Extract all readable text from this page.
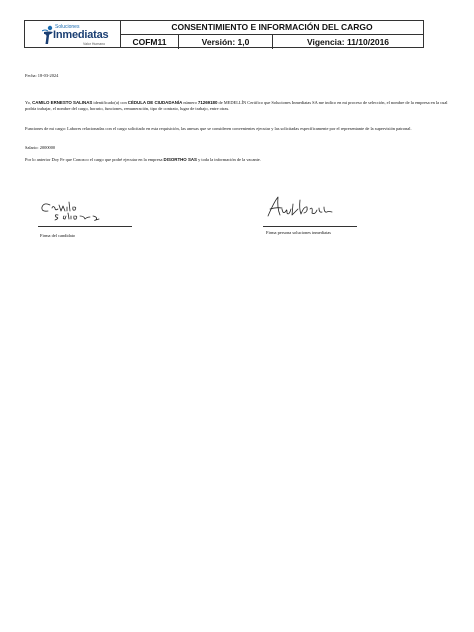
Soluciones
Inmediatas
Valor Humano
CONSENTIMIENTO E INFORMACIÓN DEL CARGO
COFM11	Versión: 1,0	Vigencia: 11/10/2016
Fecha: 18-03-2024
Yo, CAMILO ERNESTO SALINAS identificado(a) con CÉDULA DE CIUDADANÍA número 71269180 de MEDELLÍN Certifico que Soluciones Inmediatas SA me indico en mi proceso de selección, el nombre de la empresa en la cual podría trabajar, el nombre del cargo, horario, funciones, remuneración, tipo de contrato, lugar de trabajo, entre otras.
Funciones de mi cargo: Labores relacionadas con el cargo solicitado en esta requisición, las anexas que se consideren convenientes ejecutar y las solicitadas específicamente por el representante de la supervisión patronal.
Salario: 2000000
Por lo anterior Doy Fe que Conozco el cargo que podré ejecutar en la empresa DISORTHO SAS y toda la información de la vacante.
Firma del candidato
Firma persona soluciones inmediatas
